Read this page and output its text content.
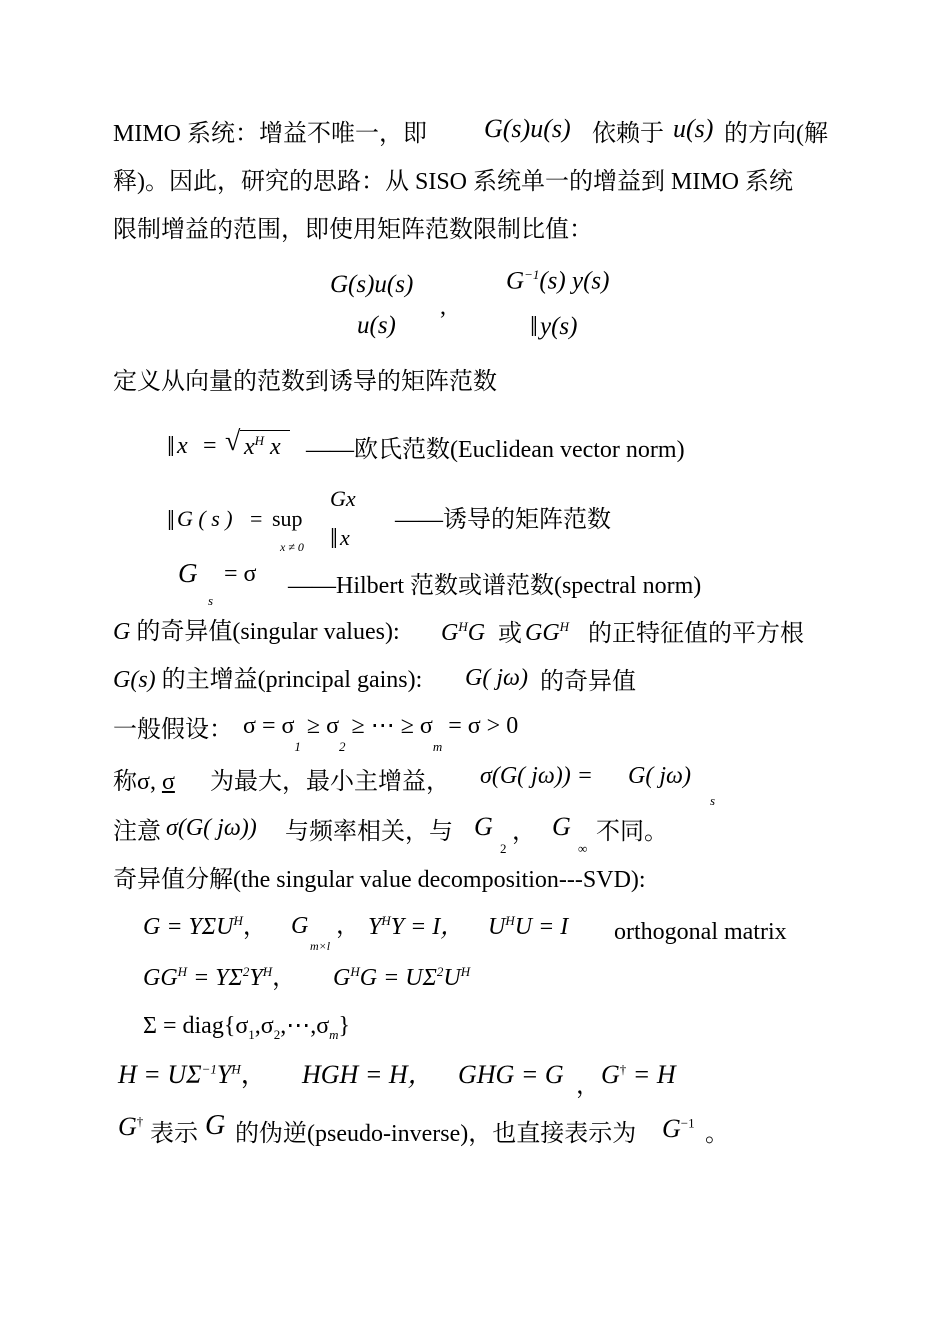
MIMO 系统：增益不唯一，即 G(s)u(s) 依赖于 u(s) 的方向(解
释)。因此，研究的思路：从 SISO 系统单一的增益到 MIMO 系统
限制增益的范围，即使用矩阵范数限制比值：
G(s)u(s)
u(s)
,
$G^{-1}(s)$ y(s)
‖ y(s)
定义从向量的范数到诱导的矩阵范数
‖ x = √ $x^H$ x ——欧氏范数(Euclidean vector norm)
Gx
‖ G ( s ) = sup
x ≠ 0 ‖ x
——诱导的矩阵范数
G
s
= σ ——Hilbert 范数或谱范数(spectral norm)
G 的奇异值(singular values): $G^HG$ 或 $GG^H$ 的正特征值的平方根
G(s) 的主增益(principal gains): G( jω) 的奇异值
一般假设： $\sigma = \sigma_1 \ge \sigma_2$ ≥ ⋯ ≥ $\sigma_m = \sigma > 0$
称σ, σ 为最大，最小主增益， σ(G( jω)) = G( jω)
s
注意 σ(G( jω)) 与频率相关，与 G
2
， G
∞
不同。
奇异值分解(the singular value decomposition---SVD):
$G = Y\Sigma U^H$， G
m×l
， $Y^HY = I$， $U^HU = I$ orthogonal matrix
$GG^H = Y\Sigma^2Y^H$， $G^HG = U\Sigma^2U^H$
$\Sigma = diag\{\sigma_1,\sigma_2,\cdots,\sigma_m\}$
$H = U\Sigma^{-1}Y^H$， HGH = H， GHG = G ， G† = H
G†
表示 G 的伪逆(pseudo-inverse)，也直接表示为 $G^{-1}$ 。
